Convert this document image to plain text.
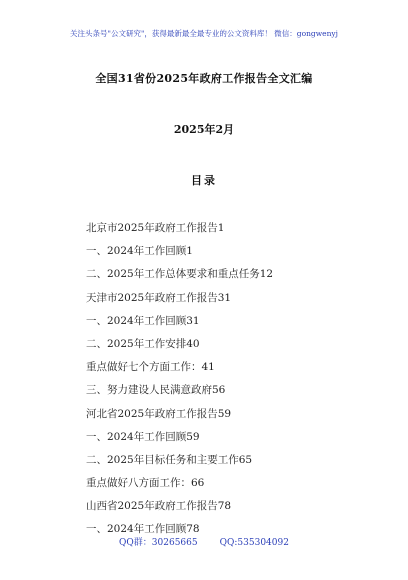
关注头条号"公文研究"，获得最新最全最专业的公文资料库！ 微信：gongwenyj
全国31省份2025年政府工作报告全文汇编
2025年2月
目录
北京市2025年政府工作报告1
一、2024年工作回顾1
二、2025年工作总体要求和重点任务12
天津市2025年政府工作报告31
一、2024年工作回顾31
二、2025年工作安排40
重点做好七个方面工作：41
三、努力建设人民满意政府56
河北省2025年政府工作报告59
一、2024年工作回顾59
二、2025年目标任务和主要工作65
重点做好八方面工作：66
山西省2025年政府工作报告78
一、2024年工作回顾78
QQ群：30265665 QQ:535304092
